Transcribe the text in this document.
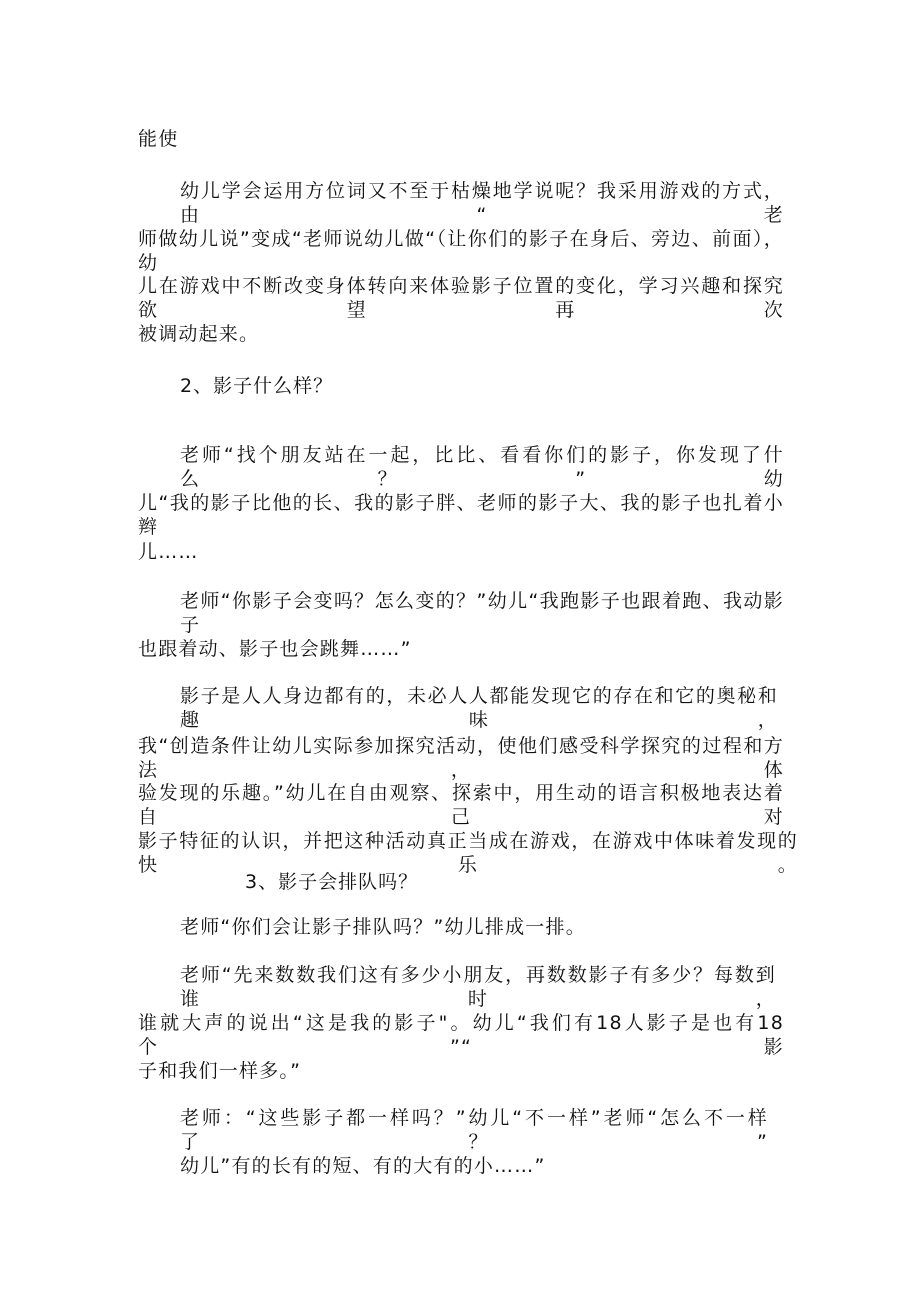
能使
幼儿学会运用方位词又不至于枯燥地学说呢？我采用游戏的方式，由“老
师做幼儿说”变成“老师说幼儿做“（让你们的影子在身后、旁边、前面），幼
儿在游戏中不断改变身体转向来体验影子位置的变化，学习兴趣和探究欲望再次
被调动起来。
2、影子什么样？
老师“找个朋友站在一起，比比、看看你们的影子，你发现了什么？”幼
儿“我的影子比他的长、我的影子胖、老师的影子大、我的影子也扎着小辫
儿……
老师“你影子会变吗？怎么变的？”幼儿“我跑影子也跟着跑、我动影子
也跟着动、影子也会跳舞……”
影子是人人身边都有的，未必人人都能发现它的存在和它的奥秘和趣味，
我“创造条件让幼儿实际参加探究活动，使他们感受科学探究的过程和方法，体
验发现的乐趣。”幼儿在自由观察、探索中，用生动的语言积极地表达着自己对
影子特征的认识，并把这种活动真正当成在游戏，在游戏中体味着发现的快乐。
3、影子会排队吗？
老师“你们会让影子排队吗？”幼儿排成一排。
老师“先来数数我们这有多少小朋友，再数数影子有多少？每数到谁时，
谁就大声的说出“这是我的影子"。幼儿“我们有18人影子是也有18个”“影
子和我们一样多。”
老师：“这些影子都一样吗？”幼儿“不一样”老师“怎么不一样了？”
幼儿”有的长有的短、有的大有的小……”
